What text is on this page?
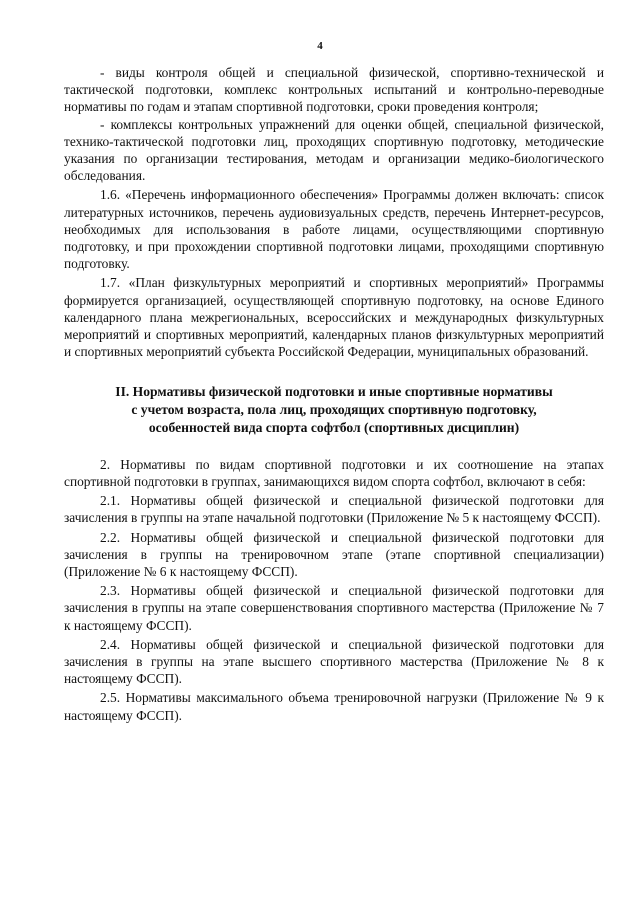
4

- виды контроля общей и специальной физической, спортивно-технической и тактической подготовки, комплекс контрольных испытаний и контрольно-переводные нормативы по годам и этапам спортивной подготовки, сроки проведения контроля;

- комплексы контрольных упражнений для оценки общей, специальной физической, технико-тактической подготовки лиц, проходящих спортивную подготовку, методические указания по организации тестирования, методам и организации медико-биологического обследования.

1.6. «Перечень информационного обеспечения» Программы должен включать: список литературных источников, перечень аудиовизуальных средств, перечень Интернет-ресурсов, необходимых для использования в работе лицами, осуществляющими спортивную подготовку, и при прохождении спортивной подготовки лицами, проходящими спортивную подготовку.

1.7. «План физкультурных мероприятий и спортивных мероприятий» Программы формируется организацией, осуществляющей спортивную подготовку, на основе Единого календарного плана межрегиональных, всероссийских и международных физкультурных мероприятий и спортивных мероприятий, календарных планов физкультурных мероприятий и спортивных мероприятий субъекта Российской Федерации, муниципальных образований.

II. Нормативы физической подготовки и иные спортивные нормативы
с учетом возраста, пола лиц, проходящих спортивную подготовку,
особенностей вида спорта софтбол (спортивных дисциплин)

2. Нормативы по видам спортивной подготовки и их соотношение на этапах спортивной подготовки в группах, занимающихся видом спорта софтбол, включают в себя:

2.1. Нормативы общей физической и специальной физической подготовки для зачисления в группы на этапе начальной подготовки (Приложение № 5 к настоящему ФССП).

2.2. Нормативы общей физической и специальной физической подготовки для зачисления в группы на тренировочном этапе (этапе спортивной специализации) (Приложение № 6 к настоящему ФССП).

2.3. Нормативы общей физической и специальной физической подготовки для зачисления в группы на этапе совершенствования спортивного мастерства (Приложение № 7 к настоящему ФССП).

2.4. Нормативы общей физической и специальной физической подготовки для зачисления в группы на этапе высшего спортивного мастерства (Приложение № 8 к настоящему ФССП).

2.5. Нормативы максимального объема тренировочной нагрузки (Приложение № 9 к настоящему ФССП).
